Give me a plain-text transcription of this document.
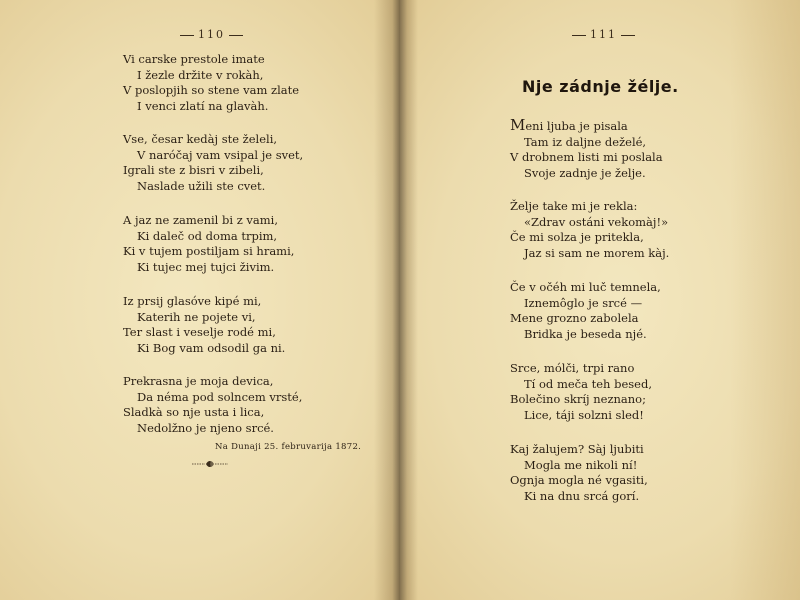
110

Vi carske prestole imate
I žezle držite v rokàh,
V poslopjih so stene vam zlate
I venci zlatí na glavàh.

Vse, česar kedàj ste želeli,
V naróčaj vam vsipal je svet,
Igrali ste z bisri v zibeli,
Naslade užili ste cvet.

A jaz ne zamenil bi z vami,
Ki daleč od doma trpim,
Ki v tujem postiljam si hrami,
Ki tujec mej tujci živim.

Iz prsij glasóve kipé mi,
Katerih ne pojete vi,
Ter slast i veselje rodé mi,
Ki Bog vam odsodil ga ni.

Prekrasna je moja devica,
Da néma pod solncem vrsté,
Sladkà so nje usta i lica,
Nedolžno je njeno srcé.

Na Dunaji 25. februvarija 1872.
111
Nje zádnje žélje.

Meni ljuba je pisala
Tam iz daljne deželé,
V drobnem listi mi poslala
Svoje zadnje je želje.

Želje take mi je rekla:
«Zdrav ostáni vekomàj!»
Če mi solza je pritekla,
Jaz si sam ne morem kàj.

Če v očéh mi luč temnela,
Iznemôglo je srcé —
Mene grozno zabolela
Bridka je beseda njé.

Srce, mólči, trpi rano
Tí od meča teh besed,
Bolečino skríj neznano;
Lice, táji solzni sled!

Kaj žalujem? Sàj ljubiti
Mogla me nikoli ní!
Ognja mogla né vgasiti,
Ki na dnu srcá gorí.
